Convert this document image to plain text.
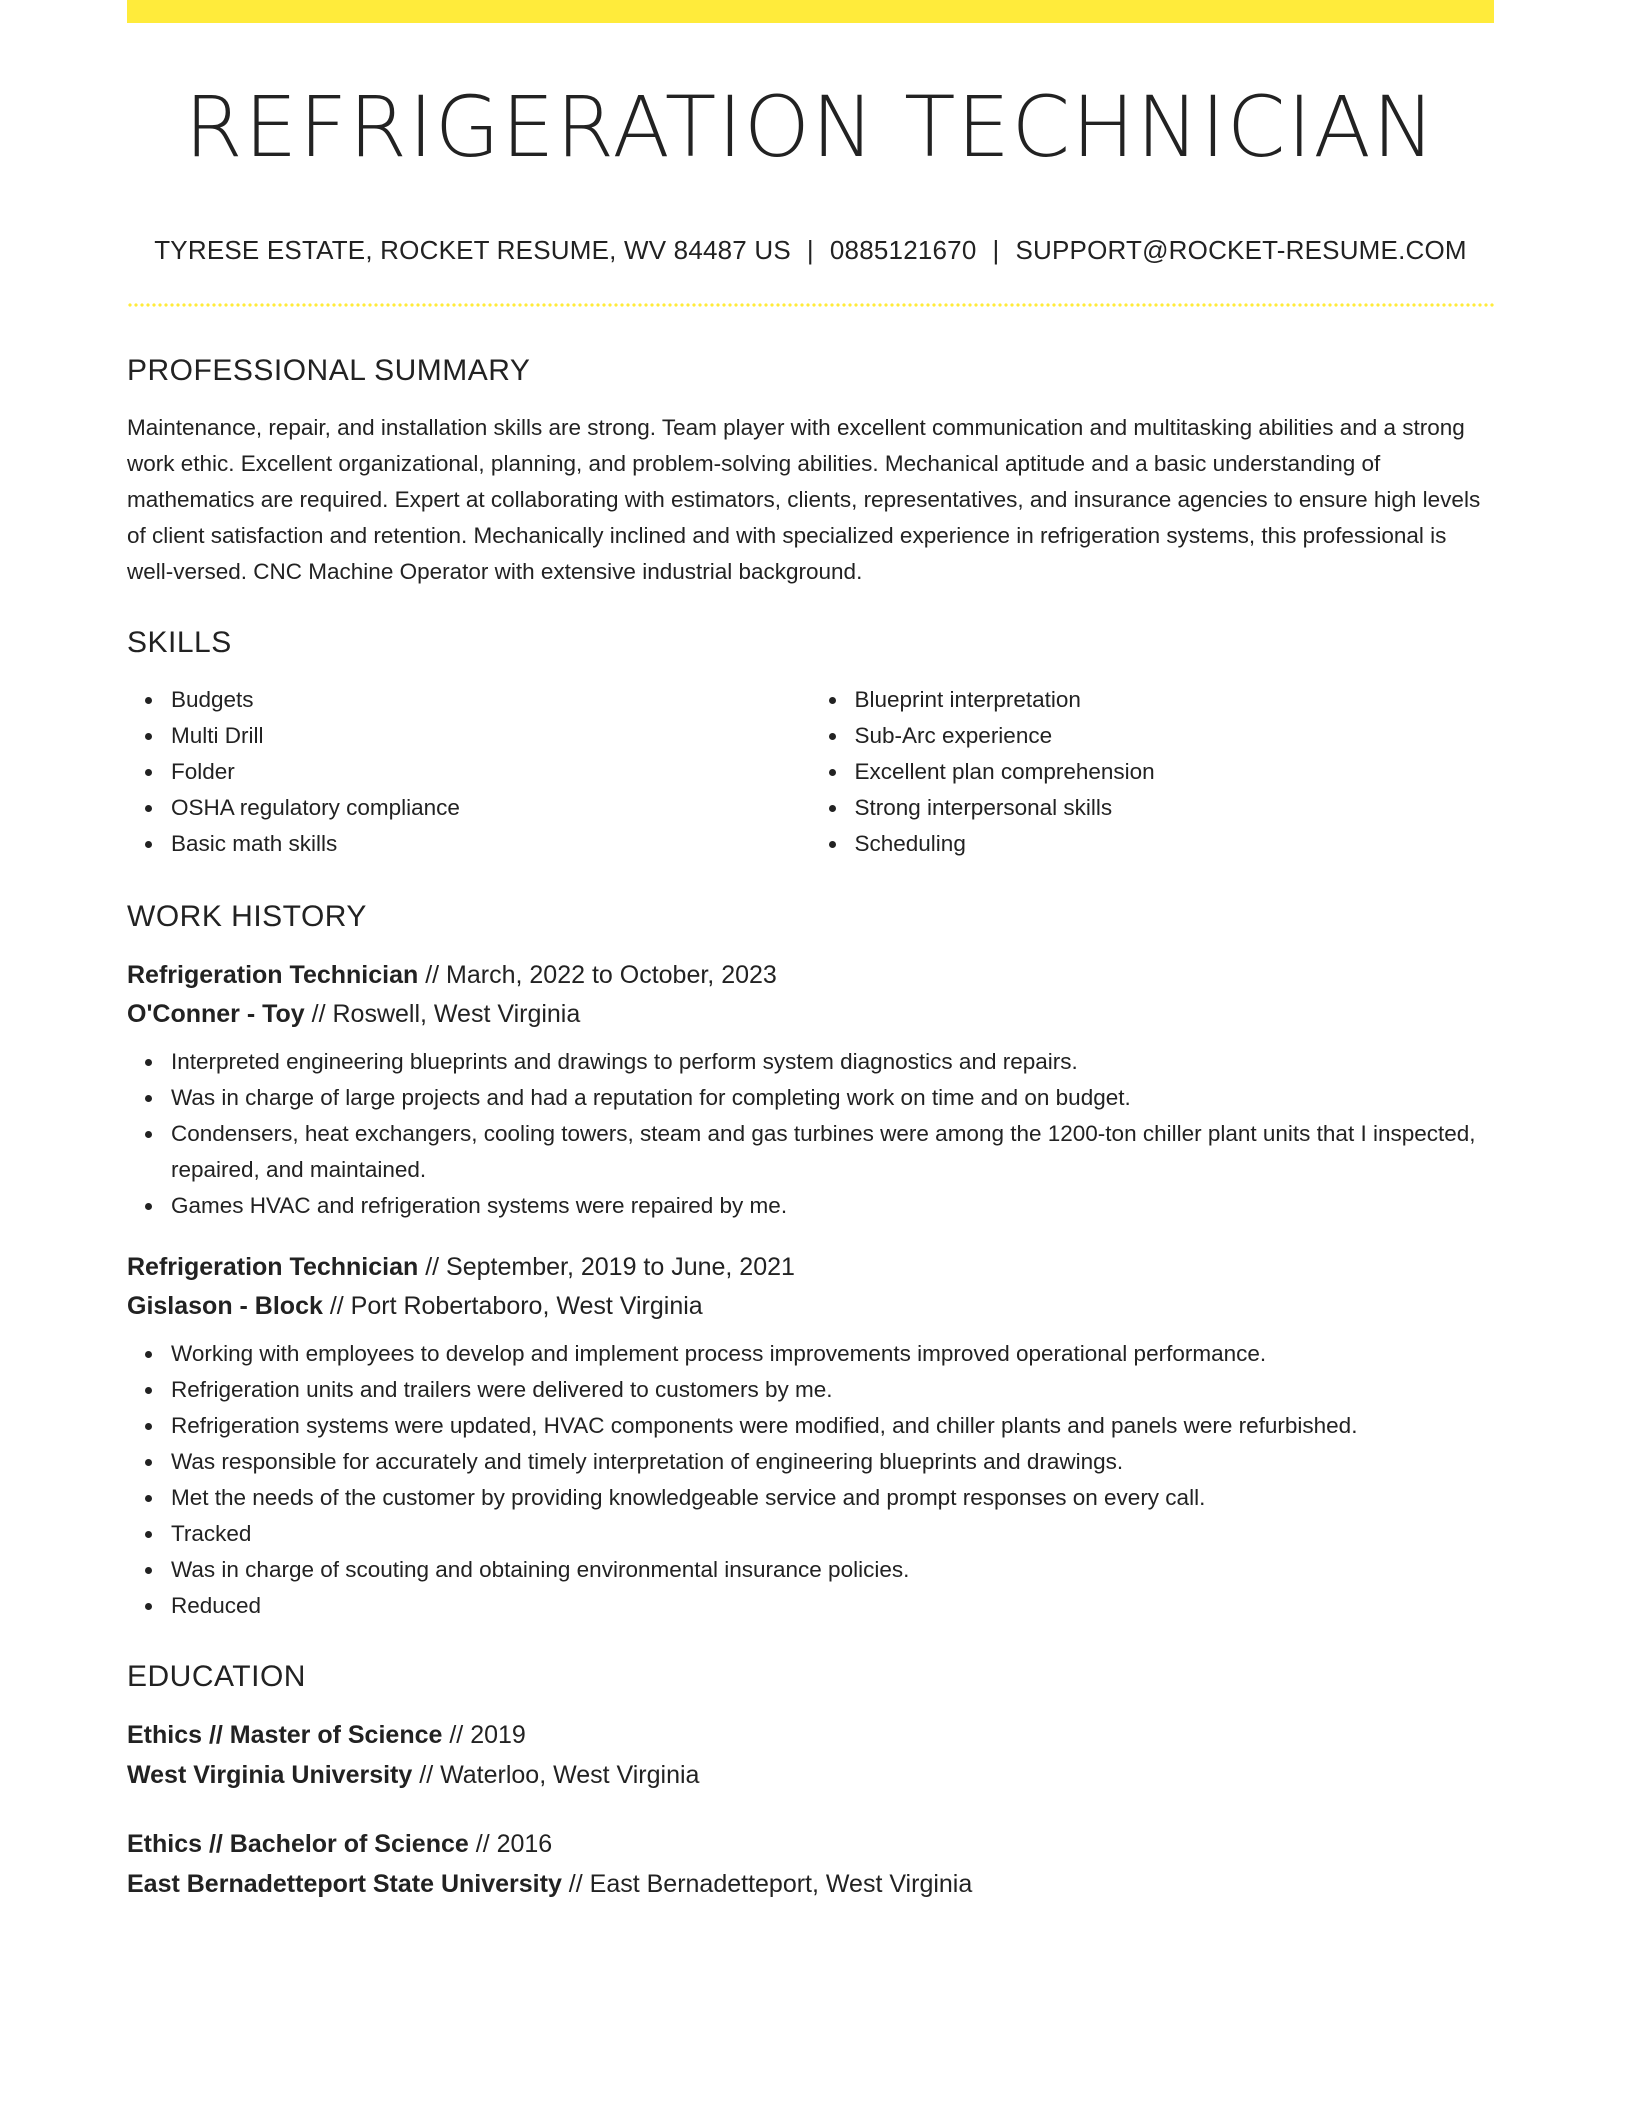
REFRIGERATION TECHNICIAN
TYRESE ESTATE, ROCKET RESUME, WV 84487 US | 0885121670 | SUPPORT@ROCKET-RESUME.COM
PROFESSIONAL SUMMARY

Maintenance, repair, and installation skills are strong. Team player with excellent communication and multitasking abilities and a strong work ethic. Excellent organizational, planning, and problem-solving abilities. Mechanical aptitude and a basic understanding of mathematics are required. Expert at collaborating with estimators, clients, representatives, and insurance agencies to ensure high levels of client satisfaction and retention. Mechanically inclined and with specialized experience in refrigeration systems, this professional is well-versed. CNC Machine Operator with extensive industrial background.

SKILLS
Budgets
Multi Drill
Folder
OSHA regulatory compliance
Basic math skills
Blueprint interpretation
Sub-Arc experience
Excellent plan comprehension
Strong interpersonal skills
Scheduling
WORK HISTORY

Refrigeration Technician // March, 2022 to October, 2023

O'Conner - Toy // Roswell, West Virginia

Interpreted engineering blueprints and drawings to perform system diagnostics and repairs.
Was in charge of large projects and had a reputation for completing work on time and on budget.
Condensers, heat exchangers, cooling towers, steam and gas turbines were among the 1200-ton chiller plant units that I inspected, repaired, and maintained.
Games HVAC and refrigeration systems were repaired by me.

Refrigeration Technician // September, 2019 to June, 2021

Gislason - Block // Port Robertaboro, West Virginia

Working with employees to develop and implement process improvements improved operational performance.
Refrigeration units and trailers were delivered to customers by me.
Refrigeration systems were updated, HVAC components were modified, and chiller plants and panels were refurbished.
Was responsible for accurately and timely interpretation of engineering blueprints and drawings.
Met the needs of the customer by providing knowledgeable service and prompt responses on every call.
Tracked
Was in charge of scouting and obtaining environmental insurance policies.
Reduced
EDUCATION

Ethics // Master of Science // 2019

West Virginia University // Waterloo, West Virginia

Ethics // Bachelor of Science // 2016

East Bernadetteport State University // East Bernadetteport, West Virginia
